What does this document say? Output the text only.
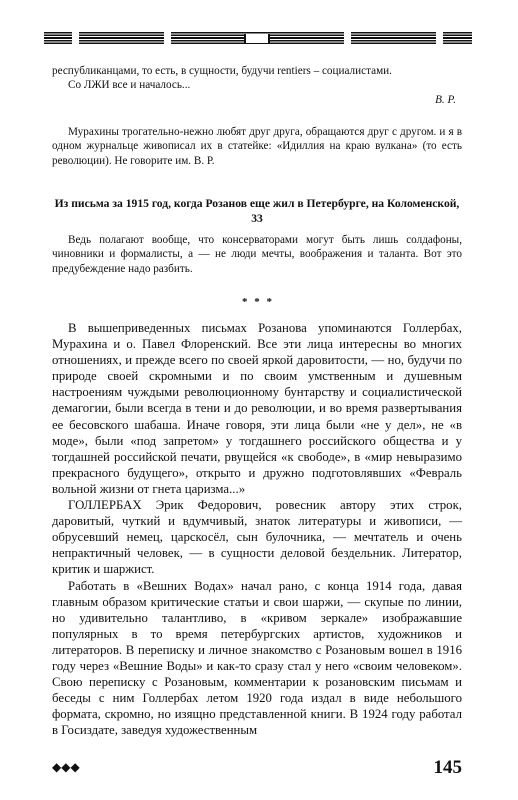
республиканцами, то есть, в сущности, будучи rentiers – социалистами.

Со ЛЖИ все и началось...

В. Р.

Мурахины трогательно-нежно любят друг друга, обращаются друг с другом. и я в одном журнальце живописал их в статейке: «Идиллия на краю вулкана» (то есть революции). Не говорите им. В. Р.

Из письма за 1915 год, когда Розанов еще жил в Петербурге, на Коломенской, 33

Ведь полагают вообще, что консерваторами могут быть лишь солдафоны, чиновники и формалисты, а — не люди мечты, воображения и таланта. Вот это предубеждение надо разбить.

* * *

В вышеприведенных письмах Розанова упоминаются Голлербах, Мурахина и о. Павел Флоренский. Все эти лица интересны во многих отношениях, и прежде всего по своей яркой даровитости, — но, будучи по природе своей скромными и по своим умственным и душевным настроениям чуждыми революционному бунтарству и социалистической демагогии, были всегда в тени и до революции, и во время развертывания ее бесовского шабаша. Иначе говоря, эти лица были «не у дел», не «в моде», были «под запретом» у тогдашнего российского общества и у тогдашней российской печати, рвущейся «к свободе», в «мир невыразимо прекрасного будущего», открыто и дружно подготовлявших «Февраль вольной жизни от гнета царизма...»

ГОЛЛЕРБАХ Эрик Федорович, ровесник автору этих строк, даровитый, чуткий и вдумчивый, знаток литературы и живописи, — обрусевший немец, царскосёл, сын булочника, — мечтатель и очень непрактичный человек, — в сущности деловой бездельник. Литератор, критик и шаржист.

Работать в «Вешних Водах» начал рано, с конца 1914 года, давая главным образом критические статьи и свои шаржи, — скупые по линии, но удивительно талантливо, в «кривом зеркале» изображавшие популярных в то время петербургских артистов, художников и литераторов. В переписку и личное знакомство с Розановым вошел в 1916 году через «Вешние Воды» и как-то сразу стал у него «своим человеком». Свою переписку с Розановым, комментарии к розановским письмам и беседы с ним Голлербах летом 1920 года издал в виде небольшого формата, скромно, но изящно представленной книги. В 1924 году работал в Госиздате, заведуя художественным

◆◆◆	145
